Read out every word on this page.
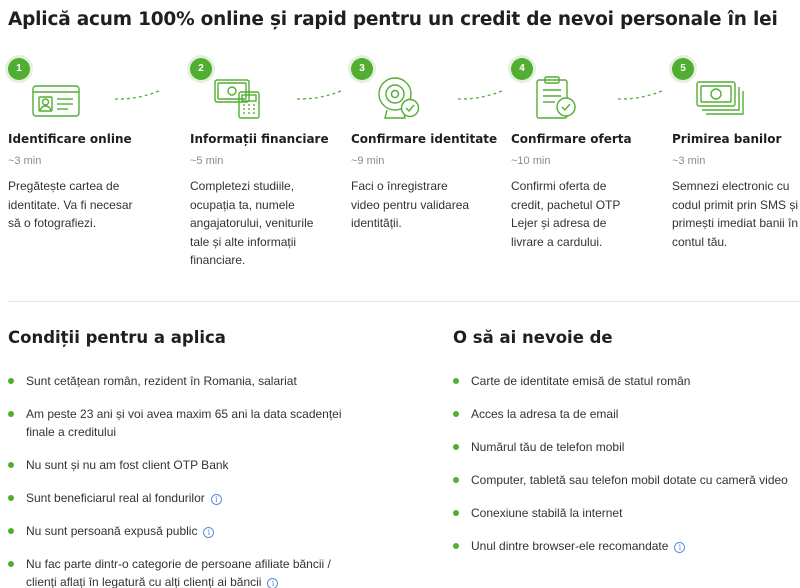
Aplică acum 100% online și rapid pentru un credit de nevoi personale în lei
1
Identificare online
~3 min
Pregătește cartea de identitate. Va fi necesar să o fotografiezi.
2
Informații financiare
~5 min
Completezi studiile, ocupația ta, numele angajatorului, veniturile tale și alte informații financiare.
3
Confirmare identitate
~9 min
Faci o înregistrare video pentru validarea identității.
4
Confirmare oferta
~10 min
Confirmi oferta de credit, pachetul OTP Lejer și adresa de livrare a cardului.
5
Primirea banilor
~3 min
Semnezi electronic cu codul primit prin SMS și primești imediat banii în contul tău.
Condiții pentru a aplica
Sunt cetățean român, rezident în Romania, salariat
Am peste 23 ani și voi avea maxim 65 ani la data scadenței finale a creditului
Nu sunt și nu am fost client OTP Bank
Sunt beneficiarul real al fondurilor i
Nu sunt persoană expusă public i
Nu fac parte dintr-o categorie de persoane afiliate băncii / clienți aflați în legatură cu alți clienți ai băncii i
O să ai nevoie de
Carte de identitate emisă de statul român
Acces la adresa ta de email
Numărul tău de telefon mobil
Computer, tabletă sau telefon mobil dotate cu cameră video
Conexiune stabilă la internet
Unul dintre browser-ele recomandate i
